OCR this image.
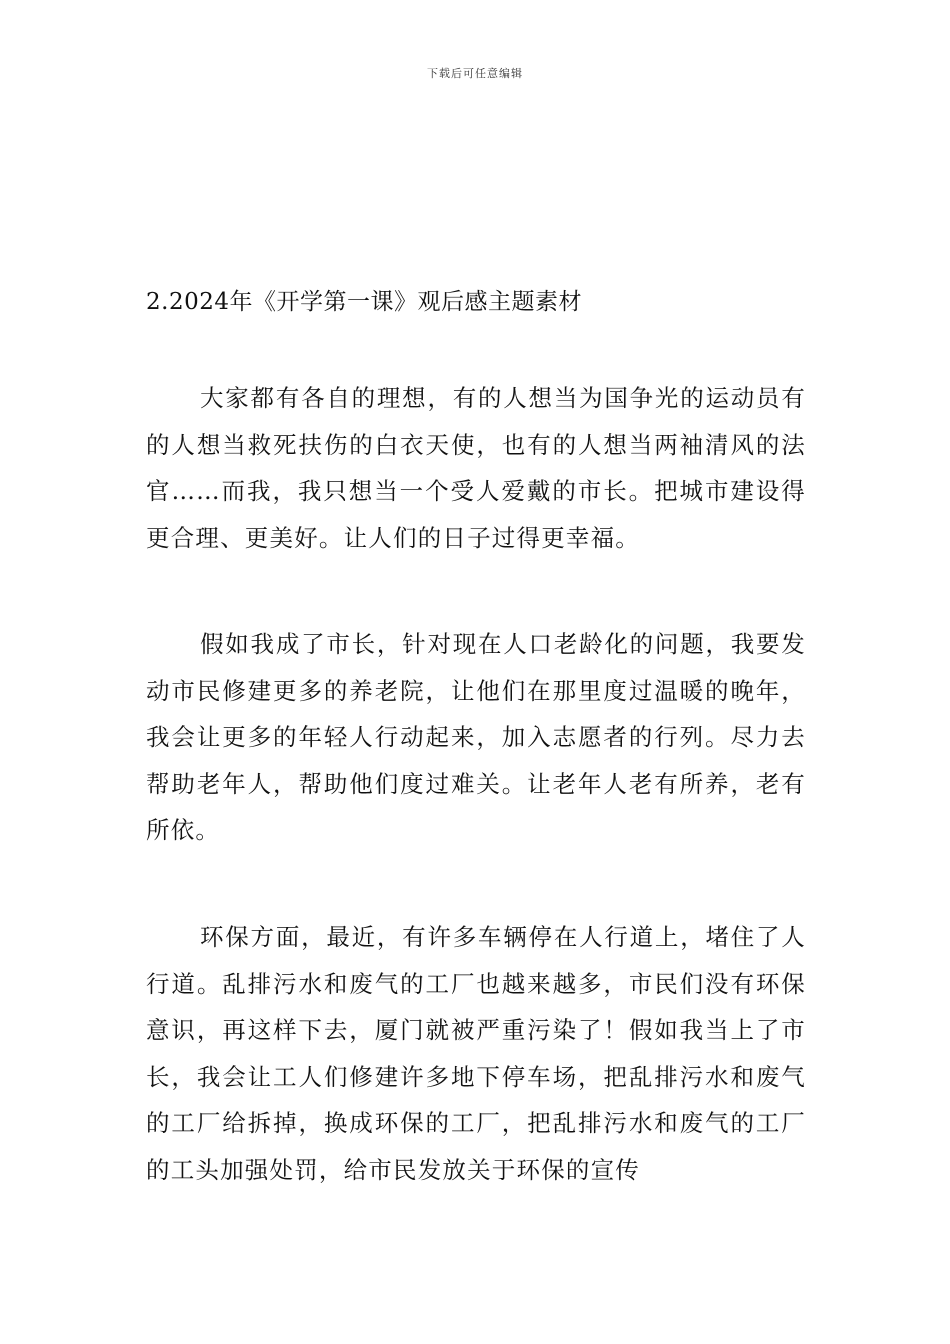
下载后可任意编辑
2.2024年《开学第一课》观后感主题素材

大家都有各自的理想，有的人想当为国争光的运动员有的人想当救死扶伤的白衣天使，也有的人想当两袖清风的法官……而我，我只想当一个受人爱戴的市长。把城市建设得更合理、更美好。让人们的日子过得更幸福。

假如我成了市长，针对现在人口老龄化的问题，我要发动市民修建更多的养老院，让他们在那里度过温暖的晚年，我会让更多的年轻人行动起来，加入志愿者的行列。尽力去帮助老年人，帮助他们度过难关。让老年人老有所养，老有所依。

环保方面，最近，有许多车辆停在人行道上，堵住了人行道。乱排污水和废气的工厂也越来越多，市民们没有环保意识，再这样下去，厦门就被严重污染了！假如我当上了市长，我会让工人们修建许多地下停车场，把乱排污水和废气的工厂给拆掉，换成环保的工厂，把乱排污水和废气的工厂的工头加强处罚，给市民发放关于环保的宣传
